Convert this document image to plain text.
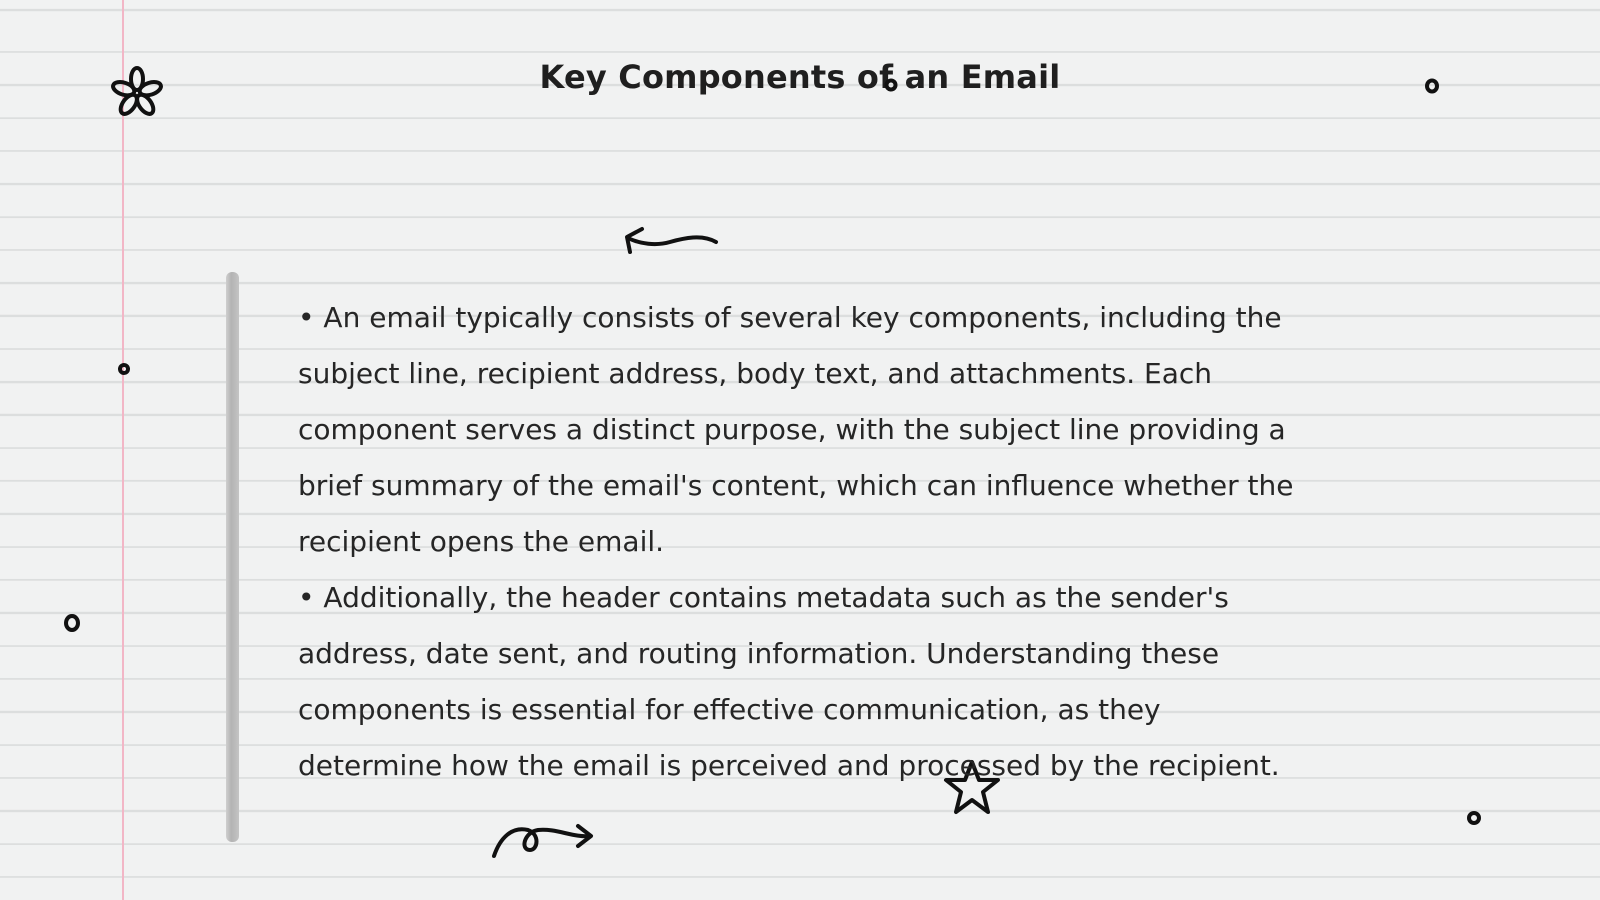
Key Components of an Email

• An email typically consists of several key components, including the subject line, recipient address, body text, and attachments. Each component serves a distinct purpose, with the subject line providing a brief summary of the email's content, which can influence whether the recipient opens the email.

• Additionally, the header contains metadata such as the sender's address, date sent, and routing information. Understanding these components is essential for effective communication, as they determine how the email is perceived and processed by the recipient.
